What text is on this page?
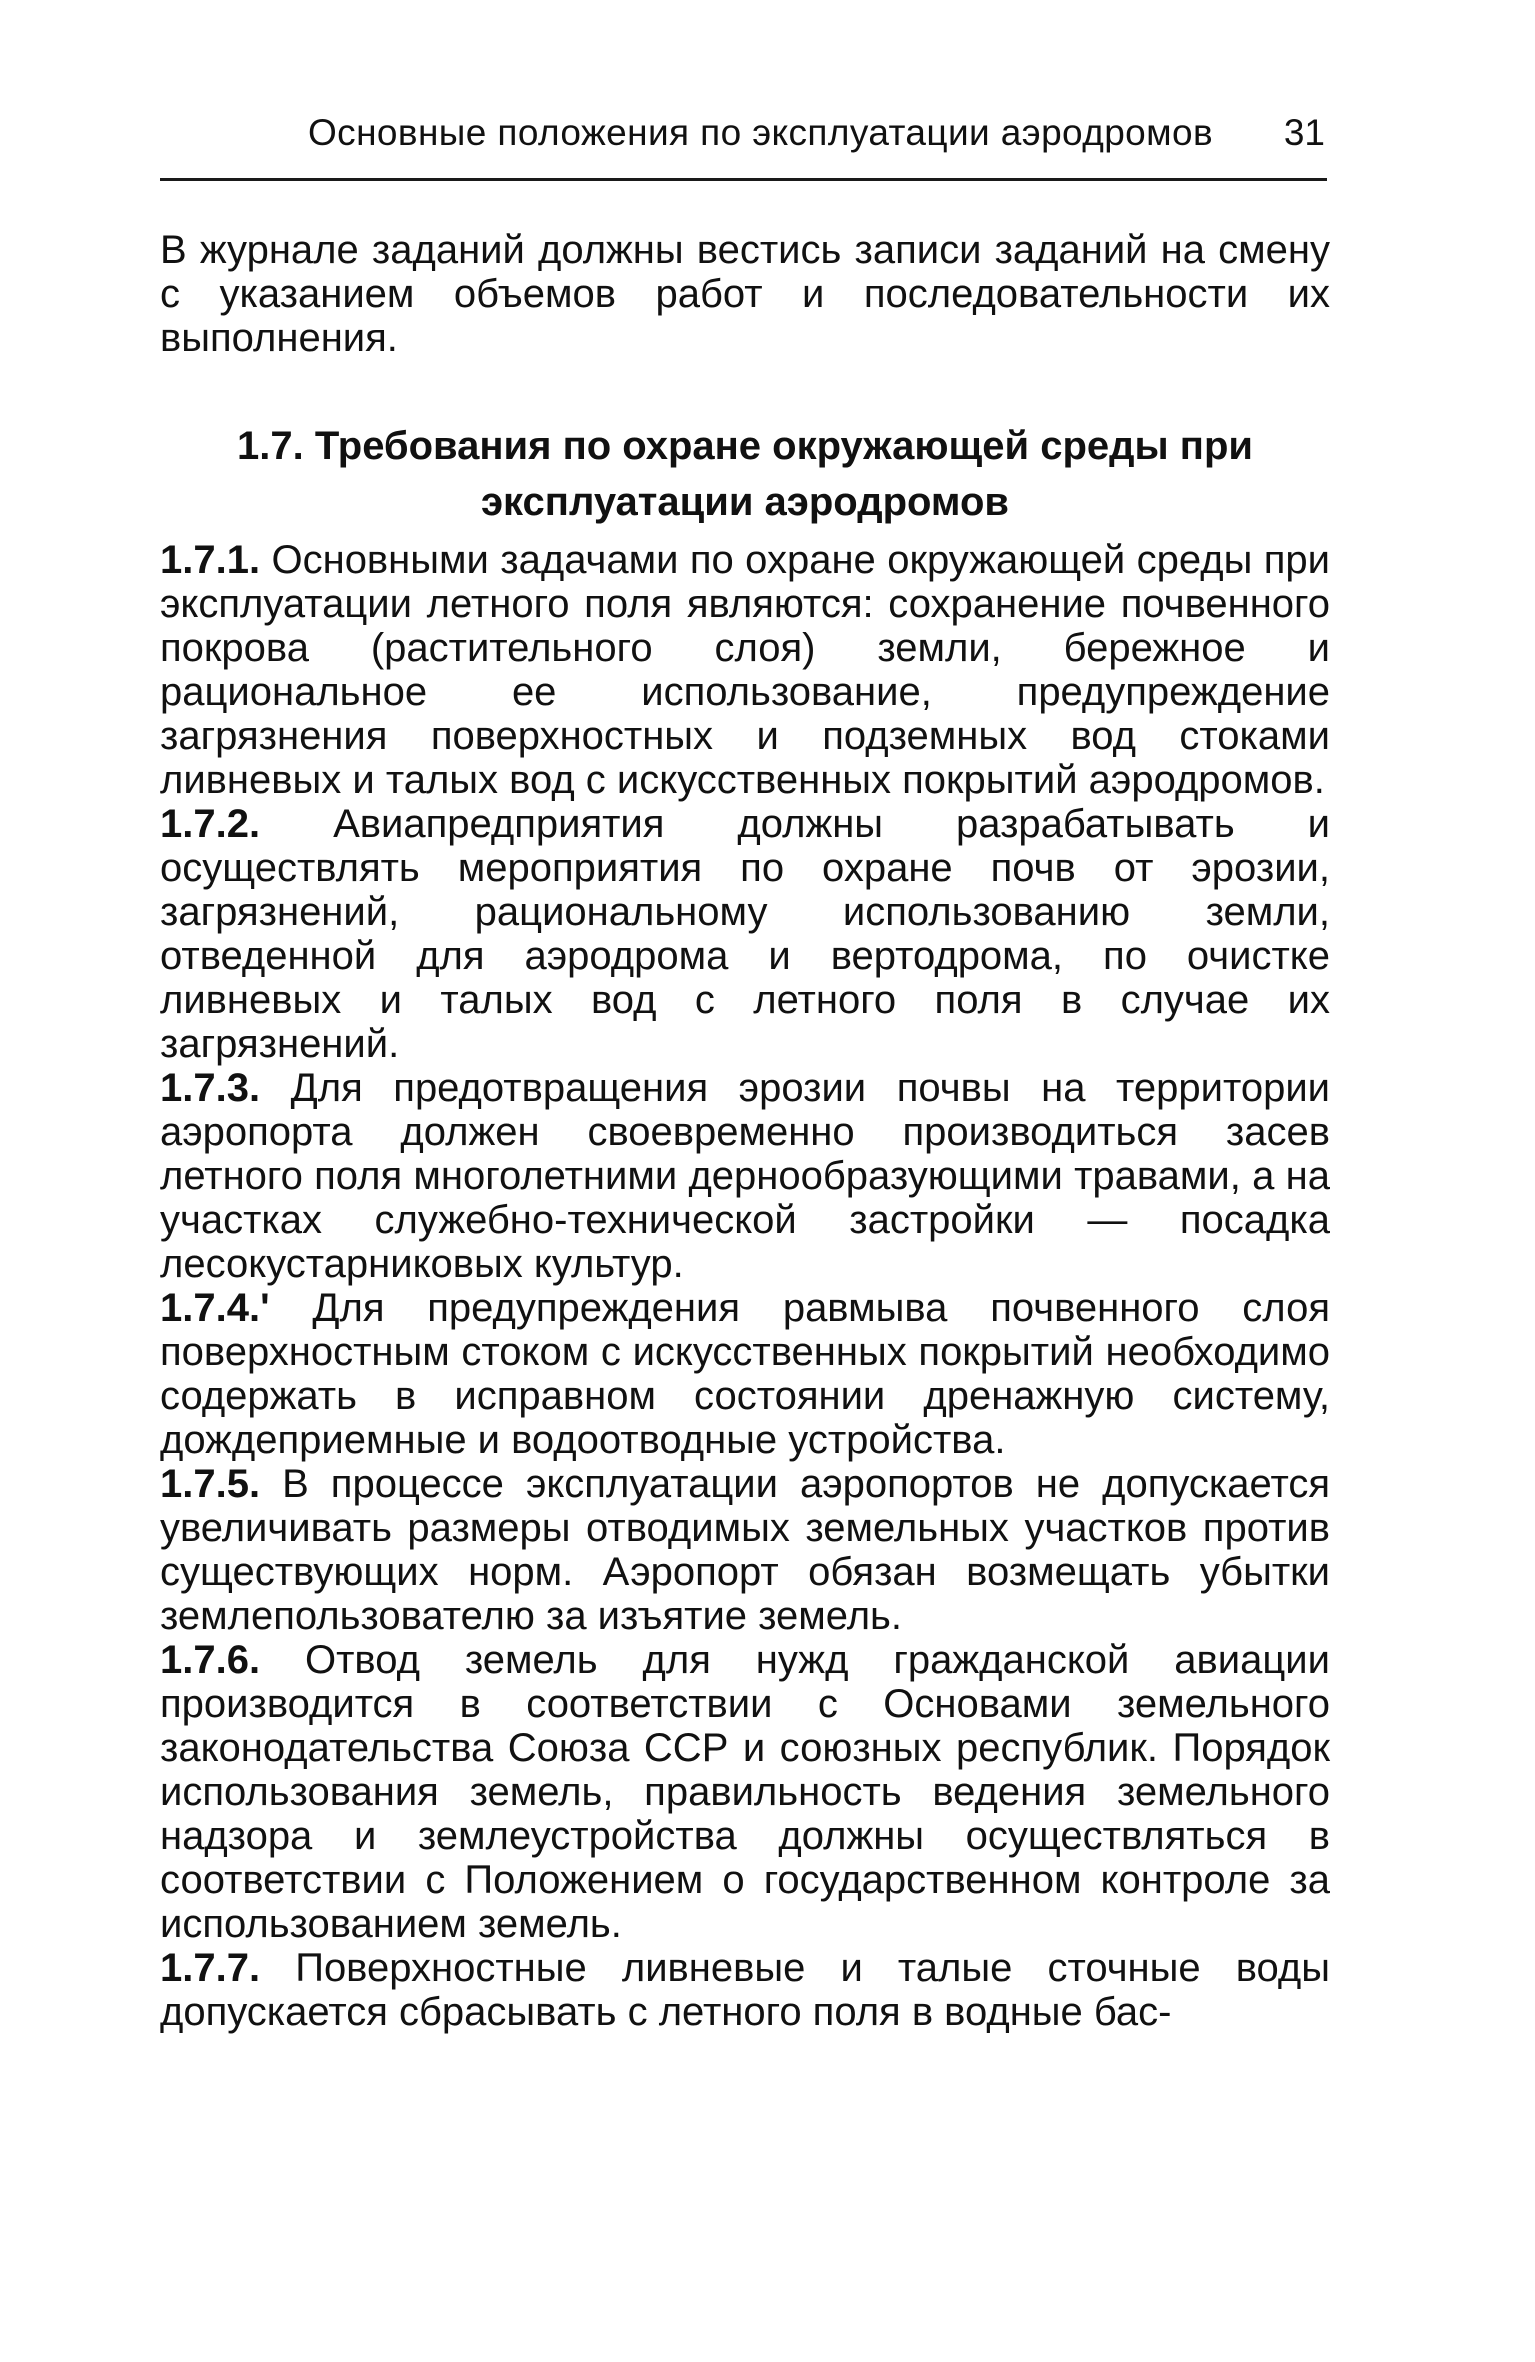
Основные положения по эксплуатации аэродромов 31

В журнале заданий должны вестись записи заданий на смену с указанием объемов работ и последовательности их выполнения.

1.7. Требования по охране окружающей среды при
эксплуатации аэродромов

1.7.1. Основными задачами по охране окружающей среды при эксплуатации летного поля являются: сохранение почвенного покрова (растительного слоя) земли, бережное и рациональное ее использование, предупреждение загрязнения поверхностных и подземных вод стоками ливневых и талых вод с искусственных покрытий аэродромов.

1.7.2. Авиапредприятия должны разрабатывать и осуществлять мероприятия по охране почв от эрозии, загрязнений, рациональному использованию земли, отведенной для аэродрома и вертодрома, по очистке ливневых и талых вод с летного поля в случае их загрязнений.

1.7.3. Для предотвращения эрозии почвы на территории аэропорта должен своевременно производиться засев летного поля многолетними дернообразующими травами, а на участках служебно-технической застройки — посадка лесокустарниковых культур.

1.7.4.' Для предупреждения равмыва почвенного слоя поверхностным стоком с искусственных покрытий необходимо содержать в исправном состоянии дренажную систему, дождеприемные и водоотводные устройства.

1.7.5. В процессе эксплуатации аэропортов не допускается увеличивать размеры отводимых земельных участков против существующих норм. Аэропорт обязан возмещать убытки землепользователю за изъятие земель.

1.7.6. Отвод земель для нужд гражданской авиации производится в соответствии с Основами земельного законодательства Союза ССР и союзных республик. Порядок использования земель, правильность ведения земельного надзора и землеустройства должны осуществляться в соответствии с Положением о государственном контроле за использованием земель.

1.7.7. Поверхностные ливневые и талые сточные воды допускается сбрасывать с летного поля в водные бас-
